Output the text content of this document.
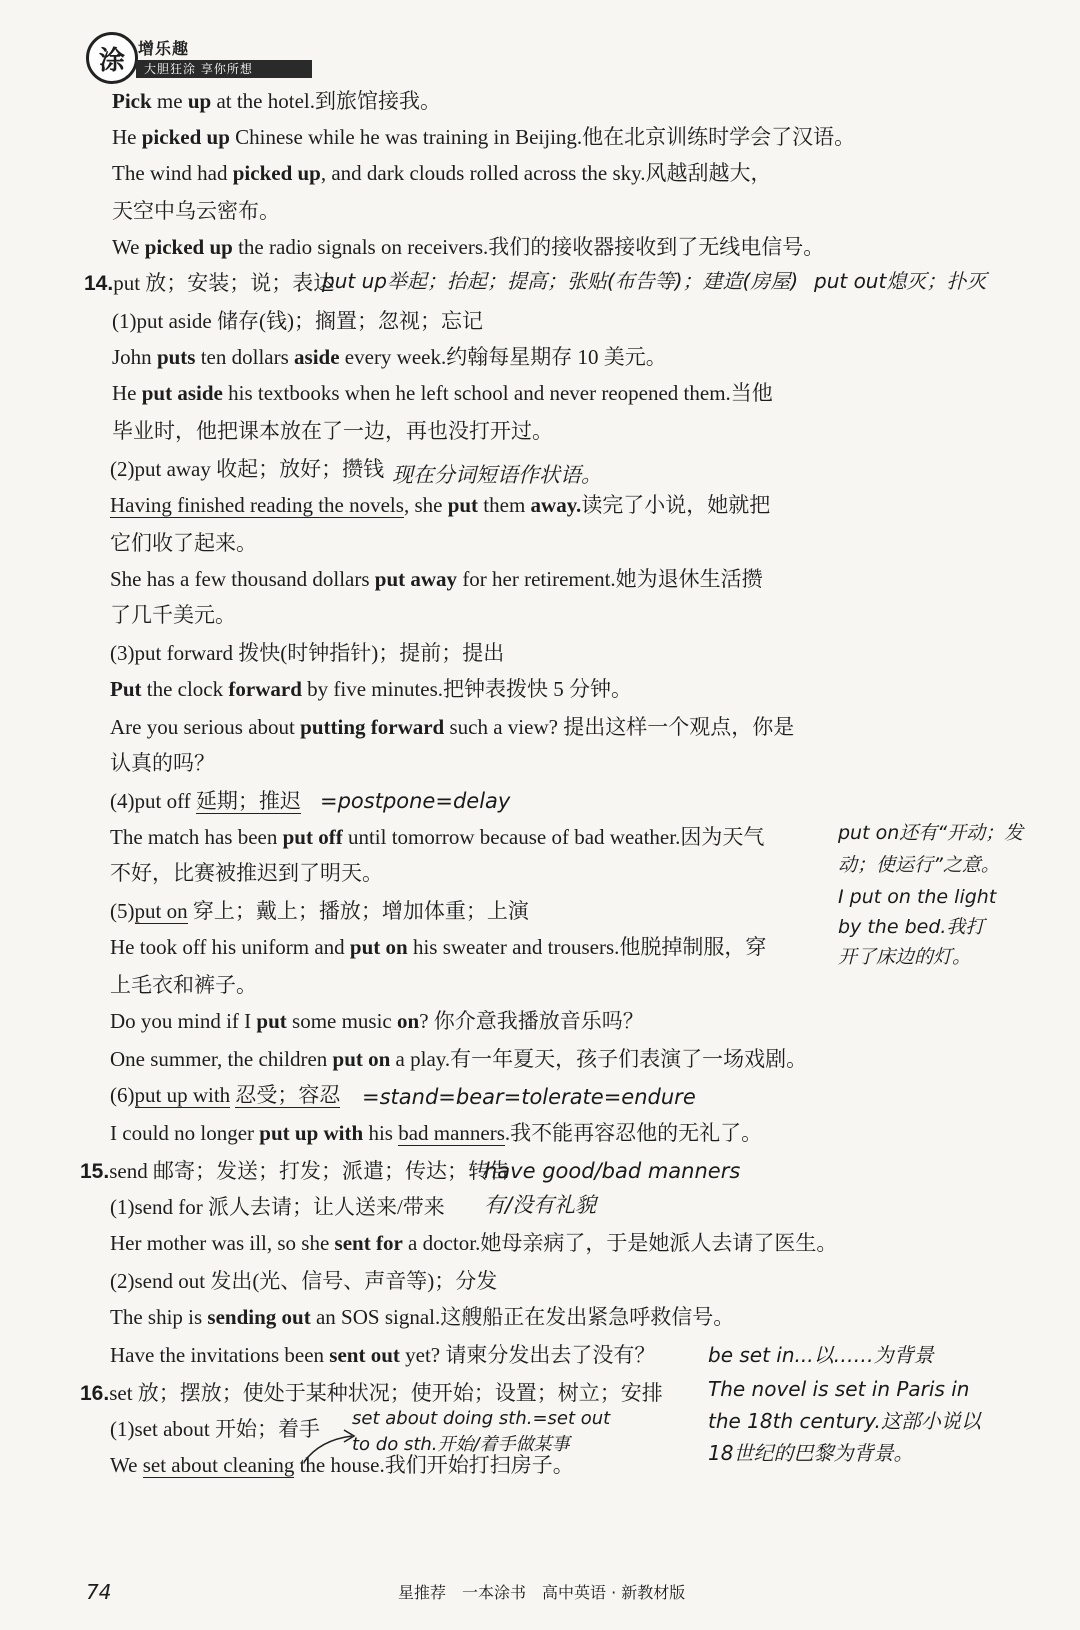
涂 增乐趣
大胆狂涂 享你所想
Pick me up at the hotel.到旅馆接我。
He picked up Chinese while he was training in Beijing.他在北京训练时学会了汉语。
The wind had picked up, and dark clouds rolled across the sky.风越刮越大，
天空中乌云密布。
We picked up the radio signals on receivers.我们的接收器接收到了无线电信号。
14.put 放；安装；说；表达
(1)put aside 储存(钱)；搁置；忽视；忘记
John puts ten dollars aside every week.约翰每星期存 10 美元。
He put aside his textbooks when he left school and never reopened them.当他
毕业时，他把课本放在了一边，再也没打开过。
(2)put away 收起；放好；攒钱
Having finished reading the novels, she put them away.读完了小说，她就把
它们收了起来。
She has a few thousand dollars put away for her retirement.她为退休生活攒
了几千美元。
(3)put forward 拨快(时钟指针)；提前；提出
Put the clock forward by five minutes.把钟表拨快 5 分钟。
Are you serious about putting forward such a view? 提出这样一个观点，你是
认真的吗？
(4)put off 延期；推迟
The match has been put off until tomorrow because of bad weather.因为天气
不好，比赛被推迟到了明天。
(5)put on 穿上；戴上；播放；增加体重；上演
He took off his uniform and put on his sweater and trousers.他脱掉制服，穿
上毛衣和裤子。
Do you mind if I put some music on? 你介意我播放音乐吗？
One summer, the children put on a play.有一年夏天，孩子们表演了一场戏剧。
(6)put up with 忍受；容忍
I could no longer put up with his bad manners.我不能再容忍他的无礼了。
15.send 邮寄；发送；打发；派遣；传达；转告
(1)send for 派人去请；让人送来/带来
Her mother was ill, so she sent for a doctor.她母亲病了，于是她派人去请了医生。
(2)send out 发出(光、信号、声音等)；分发
The ship is sending out an SOS signal.这艘船正在发出紧急呼救信号。
Have the invitations been sent out yet? 请柬分发出去了没有？
16.set 放；摆放；使处于某种状况；使开始；设置；树立；安排
(1)set about 开始；着手
We set about cleaning the house.我们开始打扫房子。
put up举起；抬起；提高；张贴(布告等)；建造(房屋) put out熄灭；扑灭
现在分词短语作状语。
=postpone=delay
put on还有“开动；发
动；使运行”之意。
I put on the light
by the bed.我打
开了床边的灯。
=stand=bear=tolerate=endure
have good/bad manners
有/没有礼貌
be set in...以……为背景
The novel is set in Paris in
the 18th century.这部小说以
18世纪的巴黎为背景。
set about doing sth.=set out
to do sth.开始/着手做某事
74	星推荐　一本涂书　高中英语 · 新教材版
